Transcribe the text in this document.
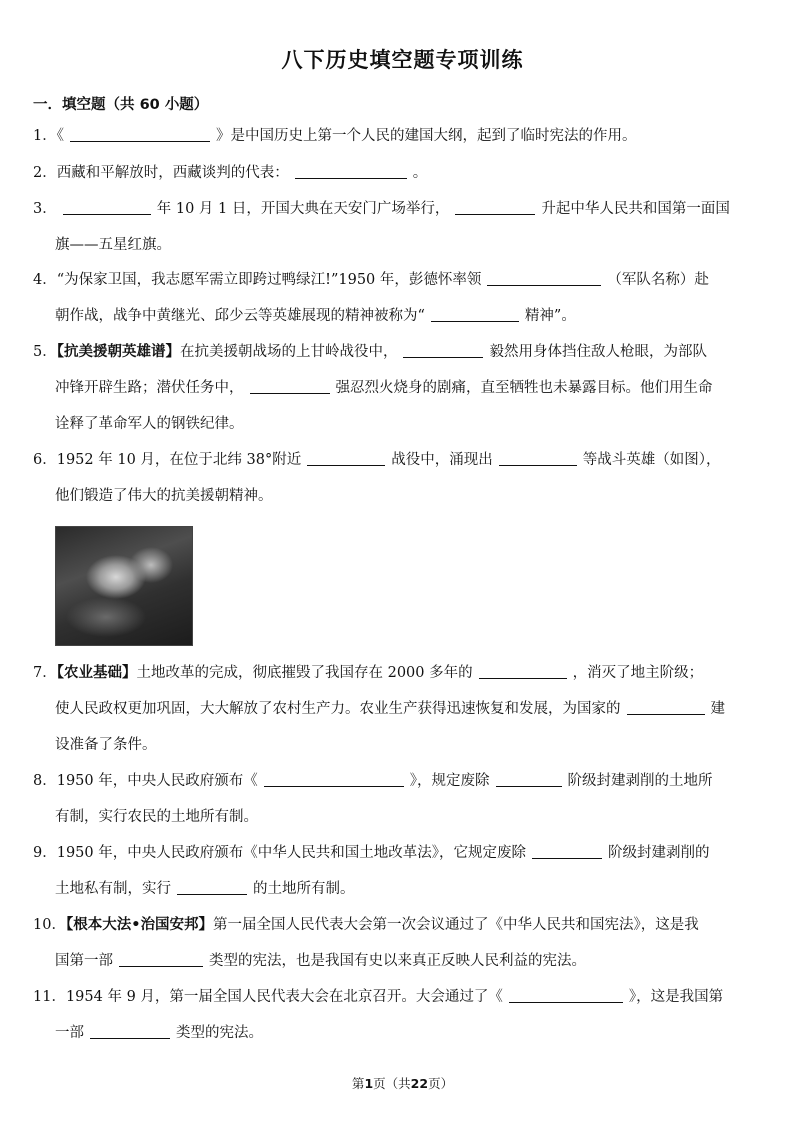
八下历史填空题专项训练
一．填空题（共 60 小题）
1．《	》是中国历史上第一个人民的建国大纲，起到了临时宪法的作用。
2．西藏和平解放时，西藏谈判的代表：	。
3．	年 10 月 1 日，开国大典在天安门广场举行，	升起中华人民共和国第一面国
旗——五星红旗。
4．“为保家卫国，我志愿军需立即跨过鸭绿江!”1950 年，彭德怀率领	（军队名称）赴
朝作战，战争中黄继光、邱少云等英雄展现的精神被称为“	精神”。
5．【抗美援朝英雄谱】在抗美援朝战场的上甘岭战役中，	毅然用身体挡住敌人枪眼，为部队
冲锋开辟生路；潜伏任务中，	强忍烈火烧身的剧痛，直至牺牲也未暴露目标。他们用生命
诠释了革命军人的钢铁纪律。
6．1952 年 10 月，在位于北纬 38°附近	战役中，涌现出	等战斗英雄（如图），
他们锻造了伟大的抗美援朝精神。
7．【农业基础】土地改革的完成，彻底摧毁了我国存在 2000 多年的	，消灭了地主阶级；
使人民政权更加巩固，大大解放了农村生产力。农业生产获得迅速恢复和发展，为国家的	建
设准备了条件。
8．1950 年，中央人民政府颁布《	》，规定废除	阶级封建剥削的土地所
有制，实行农民的土地所有制。
9．1950 年，中央人民政府颁布《中华人民共和国土地改革法》，它规定废除	阶级封建剥削的
土地私有制，实行	的土地所有制。
10．【根本大法•治国安邦】第一届全国人民代表大会第一次会议通过了《中华人民共和国宪法》，这是我
国第一部	类型的宪法，也是我国有史以来真正反映人民利益的宪法。
11．1954 年 9 月，第一届全国人民代表大会在北京召开。大会通过了《	》，这是我国第
一部	类型的宪法。
第1页（共22页）
